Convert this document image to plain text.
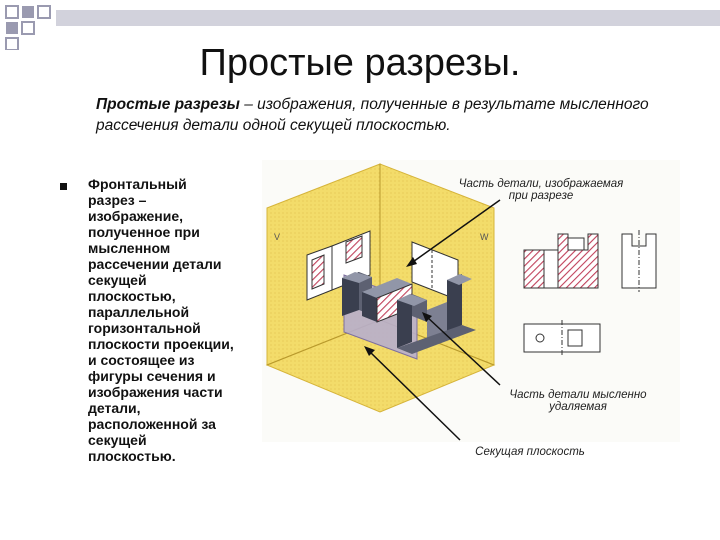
Простые разрезы.
Простые разрезы – изображения, полученные в результате мысленного рассечения детали одной секущей плоскостью.
Фронтальный
разрез –
изображение,
полученное при
мысленном
рассечении детали
секущей
плоскостью,
параллельной
горизонтальной
плоскости проекции,
и состоящее из
фигуры сечения и
изображения части
детали,
расположенной за
секущей
плоскостью.
V	W
Часть детали, изображаемая
при разрезе
Часть детали мысленно
удаляемая
Секущая плоскость
